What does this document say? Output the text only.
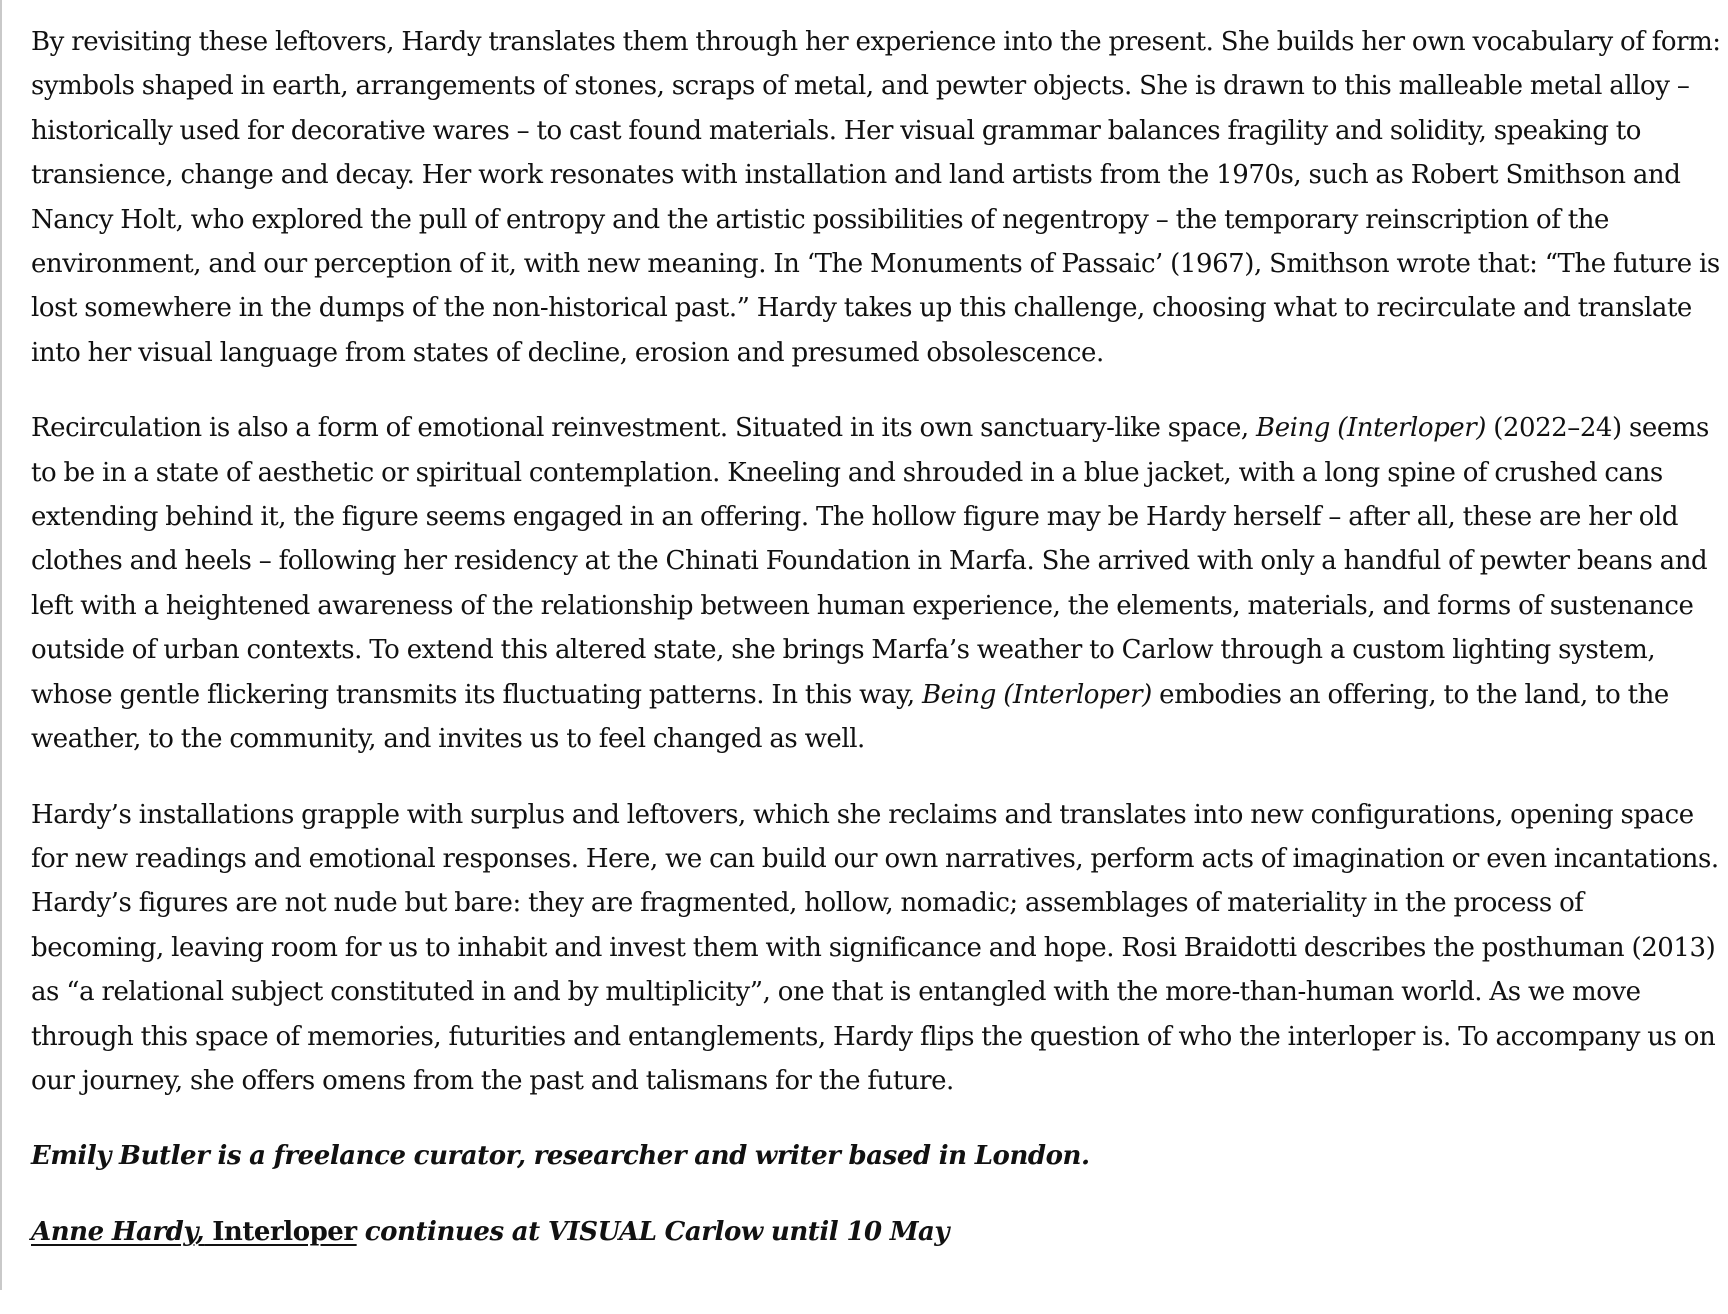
By revisiting these leftovers, Hardy translates them through her experience into the present. She builds her own vocabulary of form: symbols shaped in earth, arrangements of stones, scraps of metal, and pewter objects. She is drawn to this malleable metal alloy – historically used for decorative wares – to cast found materials. Her visual grammar balances fragility and solidity, speaking to transience, change and decay. Her work resonates with installation and land artists from the 1970s, such as Robert Smithson and Nancy Holt, who explored the pull of entropy and the artistic possibilities of negentropy – the temporary reinscription of the environment, and our perception of it, with new meaning. In ‘The Monuments of Passaic’ (1967), Smithson wrote that: “The future is lost somewhere in the dumps of the non-historical past.” Hardy takes up this challenge, choosing what to recirculate and translate into her visual language from states of decline, erosion and presumed obsolescence.

Recirculation is also a form of emotional reinvestment. Situated in its own sanctuary-like space, Being (Interloper) (2022–24) seems to be in a state of aesthetic or spiritual contemplation. Kneeling and shrouded in a blue jacket, with a long spine of crushed cans extending behind it, the figure seems engaged in an offering. The hollow figure may be Hardy herself – after all, these are her old clothes and heels – following her residency at the Chinati Foundation in Marfa. She arrived with only a handful of pewter beans and left with a heightened awareness of the relationship between human experience, the elements, materials, and forms of sustenance outside of urban contexts. To extend this altered state, she brings Marfa’s weather to Carlow through a custom lighting system, whose gentle flickering transmits its fluctuating patterns. In this way, Being (Interloper) embodies an offering, to the land, to the weather, to the community, and invites us to feel changed as well.

Hardy’s installations grapple with surplus and leftovers, which she reclaims and translates into new configurations, opening space for new readings and emotional responses. Here, we can build our own narratives, perform acts of imagination or even incantations. Hardy’s figures are not nude but bare: they are fragmented, hollow, nomadic; assemblages of materiality in the process of becoming, leaving room for us to inhabit and invest them with significance and hope. Rosi Braidotti describes the posthuman (2013) as “a relational subject constituted in and by multiplicity”, one that is entangled with the more-than-human world. As we move through this space of memories, futurities and entanglements, Hardy flips the question of who the interloper is. To accompany us on our journey, she offers omens from the past and talismans for the future.

Emily Butler is a freelance curator, researcher and writer based in London.

Anne Hardy, Interloper continues at VISUAL Carlow until 10 May
